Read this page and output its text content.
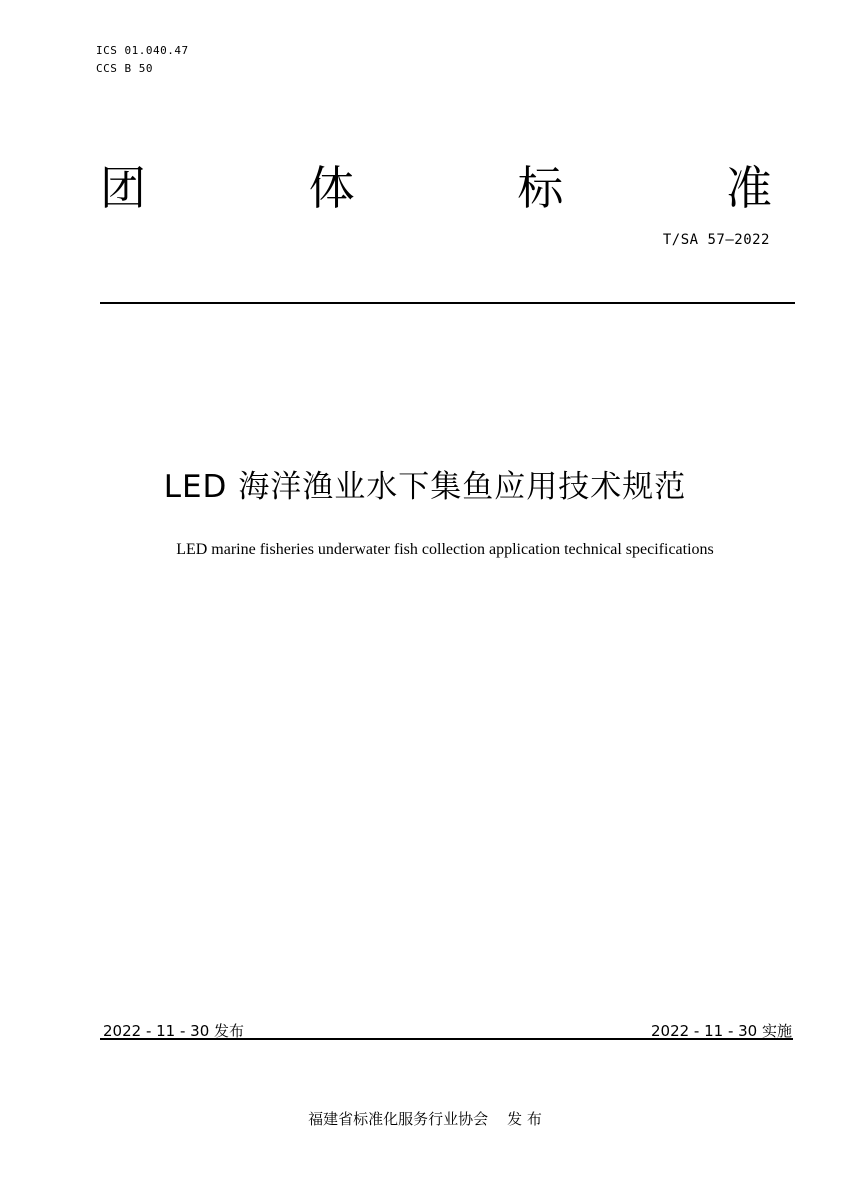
ICS 01.040.47
CCS B 50
团	体	标	准
T/SA 57—2022
LED 海洋渔业水下集鱼应用技术规范
LED marine fisheries underwater fish collection application technical specifications
2022 - 11 - 30 发布	2022 - 11 - 30 实施
福建省标准化服务行业协会    发 布
